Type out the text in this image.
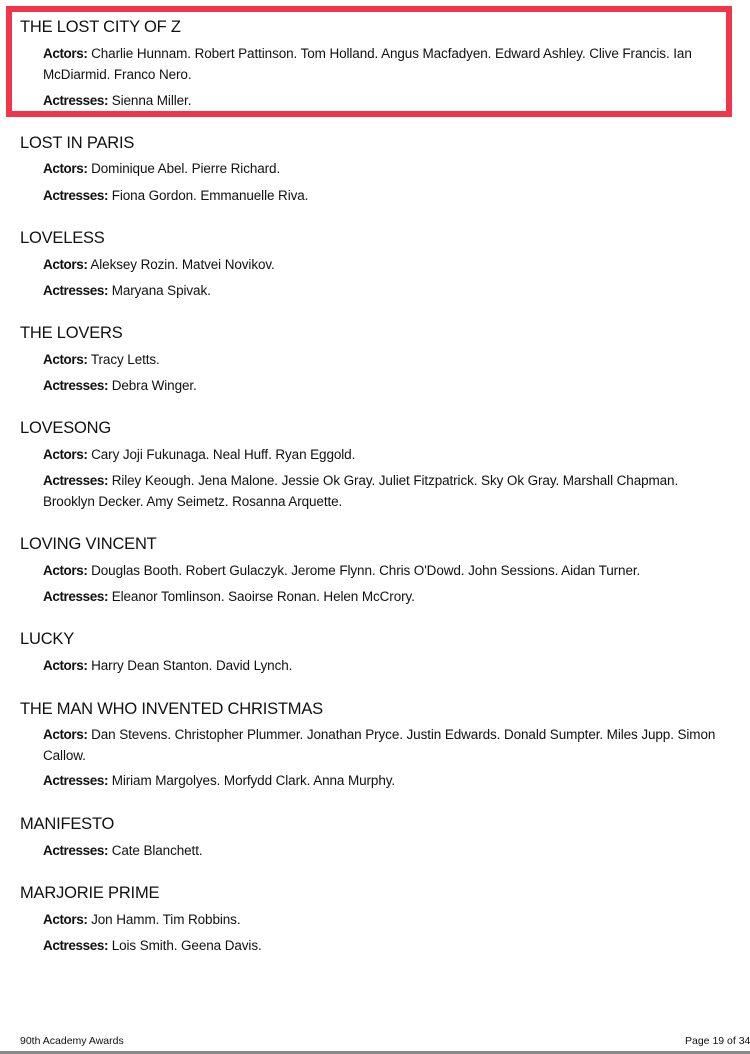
THE LOST CITY OF Z
Actors: Charlie Hunnam. Robert Pattinson. Tom Holland. Angus Macfadyen. Edward Ashley. Clive Francis. Ian McDiarmid. Franco Nero.
Actresses: Sienna Miller.
LOST IN PARIS
Actors: Dominique Abel. Pierre Richard.
Actresses: Fiona Gordon. Emmanuelle Riva.
LOVELESS
Actors: Aleksey Rozin. Matvei Novikov.
Actresses: Maryana Spivak.
THE LOVERS
Actors: Tracy Letts.
Actresses: Debra Winger.
LOVESONG
Actors: Cary Joji Fukunaga. Neal Huff. Ryan Eggold.
Actresses: Riley Keough. Jena Malone. Jessie Ok Gray. Juliet Fitzpatrick. Sky Ok Gray. Marshall Chapman. Brooklyn Decker. Amy Seimetz. Rosanna Arquette.
LOVING VINCENT
Actors: Douglas Booth. Robert Gulaczyk. Jerome Flynn. Chris O'Dowd. John Sessions. Aidan Turner.
Actresses: Eleanor Tomlinson. Saoirse Ronan. Helen McCrory.
LUCKY
Actors: Harry Dean Stanton. David Lynch.
THE MAN WHO INVENTED CHRISTMAS
Actors: Dan Stevens. Christopher Plummer. Jonathan Pryce. Justin Edwards. Donald Sumpter. Miles Jupp. Simon Callow.
Actresses: Miriam Margolyes. Morfydd Clark. Anna Murphy.
MANIFESTO
Actresses: Cate Blanchett.
MARJORIE PRIME
Actors: Jon Hamm. Tim Robbins.
Actresses: Lois Smith. Geena Davis.
90th Academy Awards	Page 19 of 34
